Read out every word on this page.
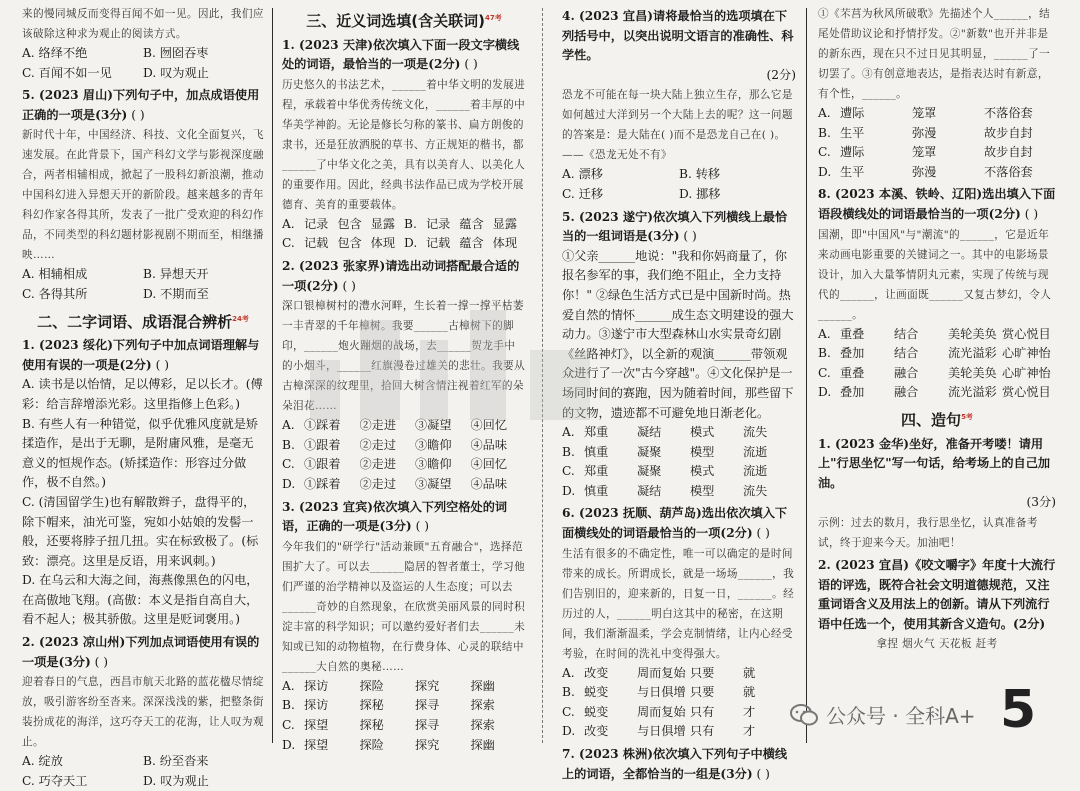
来的慢同城反而变得百闻不如一见。因此，我们应该破除这种求为观止的阅读方式。

A. 络绎不绝	B. 囫囵吞枣
C. 百闻不如一见	D. 叹为观止

5. (2023 眉山)下列句子中，加点成语使用正确的一项是(3分) ( )

新时代十年，中国经济、科技、文化全面复兴，飞速发展。在此背景下，国产科幻文学与影视深度融合，两者相辅相成，掀起了一股科幻新浪潮，推动中国科幻进入异想天开的新阶段。越来越多的青年科幻作家各得其所，发表了一批广受欢迎的科幻作品，不同类型的科幻题材影视剧不期而至，相继播映……

A. 相辅相成	B. 异想天开
C. 各得其所	D. 不期而至
二、二字词语、成语混合辨析$^{24考}$

1. (2023 绥化)下列句子中加点词语理解与使用有误的一项是(2分) ( )

A. 读书是以怡情，足以傅彩，足以长才。(傅彩：给言辞增添光彩。这里指修上色彩。)

B. 有些人有一种错觉，似乎优雅风度就是矫揉造作，是出于无聊，是附庸风雅，是毫无意义的恒规作态。(矫揉造作：形容过分做作，极不自然。)

C. (清国留学生)也有解散辫子，盘得平的，除下帽来，油光可鉴，宛如小姑娘的发髻一般，还要将脖子扭几扭。实在标致极了。(标致：漂亮。这里是反语，用来讽刺。)

D. 在乌云和大海之间，海燕像黑色的闪电，在高傲地飞翔。(高傲：本义是指自高自大，看不起人；极其骄傲。这里是贬词褒用。)

2. (2023 凉山州)下列加点词语使用有误的一项是(3分) ( )

迎着春日的气息，西昌市航天北路的蓝花楹尽情绽放，吸引游客纷至沓来。深深浅浅的紫，把整条街装扮成花的海洋，这巧夺天工的花海，让人叹为观止。

A. 绽放	B. 纷至沓来
C. 巧夺天工	D. 叹为观止
三、近义词选填(含关联词)$^{47考}$

1. (2023 天津)依次填入下面一段文字横线处的词语，最恰当的一项是(2分) ( )

历史悠久的书法艺术，______着中华文明的发展进程，承载着中华优秀传统文化，______着丰厚的中华美学神韵。无论是修长匀称的篆书、扁方朗俊的隶书，还是狂放洒脱的草书、方正规矩的楷书，都______了中华文化之美，具有以美育人、以美化人的重要作用。因此，经典书法作品已成为学校开展德育、美育的重要载体。

A. 记录 包含 显露 B. 记录 蕴含 显露
C. 记载 包含 体现 D. 记载 蕴含 体现

2. (2023 张家界)请选出动词搭配最合适的一项(2分) ( )

深口银樟树村的澧水河畔，生长着一撑一撑平枯萎一丰青翠的千年樟树。我要______古樟树下的脚印，______炮火蹦烟的战场，去______贺龙手中的小烟斗，______红旗漫卷过雄关的悲壮。我要从古樟深深的纹理里，拾回大树含情注视着红军的朵朵泪花……

A. ①踩着	②走进	③凝望	④回忆
B. ①跟着	②走过	③瞻仰	④品味
C. ①跟着	②走进	③瞻仰	④回忆
D. ①踩着	②走过	③凝望	④品味

3. (2023 宜宾)依次填入下列空格处的词语，正确的一项是(3分) ( )

今年我们的"研学行"活动兼顾"五育融合"，选择范围扩大了。可以去______隐居的智者董士，学习他们严谨的治学精神以及盗运的人生态度；可以去______奇妙的自然现象，在欣赏美丽风景的同时积淀丰富的科学知识；可以邀约爱好者们去______未知或已知的动物植物，在行费身体、心灵的联结中______大自然的奥秘……

A. 探访	探险	探究	探幽
B. 探访	探秘	探寻	探索
C. 探望	探秘	探寻	探索
D. 探望	探险	探究	探幽

4. (2023 宜昌)请将最恰当的选项填在下列括号中，以突出说明文语言的准确性、科学性。

(2分)

恐龙不可能在每一块大陆上独立生存，那么它是如何越过大洋到另一个大陆上去的呢？这一问题的答案是：是大陆在( )而不是恐龙自己在( )。——《恐龙无处不有》

A. 漂移	B. 转移
C. 迁移	D. 挪移

5. (2023 遂宁)依次填入下列横线上最恰当的一组词语是(3分) ( )

①父亲______地说："我和你妈商量了，你报名参军的事，我们绝不阻止，全力支持你！" ②绿色生活方式已是中国新时尚。热爱自然的情怀______成生态文明建设的强大动力。③遂宁市大型森林山水实景奇幻剧《丝路神灯》，以全新的观演______带领观众进行了一次"古今穿越"。④文化保护是一场同时间的赛跑，因为随着时间，那些留下的文物，遗迹都不可避免地日渐老化。

A. 郑重	凝结	模式	流失
B. 慎重	凝聚	模型	流逝
C. 郑重	凝聚	模式	流逝
D. 慎重	凝结	模型	流失

6. (2023 抚顺、葫芦岛)选出依次填入下面横线处的词语最恰当的一项(2分) ( )

生活有很多的不确定性，唯一可以确定的是时间带来的成长。所谓成长，就是一场场______，我们告别旧的，迎来新的，日复一日，______。经历过的人，______明白这其中的秘密，在这期间，我们渐渐温柔，学会克制情绪，让内心经受考验，在时间的洗礼中变得强大。

A. 改变	周而复始 只要	就
B. 蜕变	与日俱增 只要	就
C. 蜕变	周而复始 只有	才
D. 改变	与日俱增 只有	才

7. (2023 株洲)依次填入下列句子中横线上的词语，全都恰当的一组是(3分) ( )

①《芣莒为秋风所破歌》先描述个人______，结尾处借助议论和抒情抒发。②"新数"也开并非是的新东西，现在只不过日见其明显，______了一切罢了。③有创意地表达，是指表达时有新意，有个性，______。

A. 遭际	笼罩	不落俗套
B. 生平	弥漫	故步自封
C. 遭际	笼罩	故步自封
D. 生平	弥漫	不落俗套

8. (2023 本溪、铁岭、辽阳)选出填入下面语段横线处的词语最恰当的一项(2分) ( )

国潮，即"中国风"与"潮流"的______，它是近年来动画电影重要的关键词之一。其中的电影场景设计，加入大量筝情阴丸元素，实现了传统与现代的______，让画面既______又复古梦幻，令人______。

A. 重叠	结合	美轮美奂 赏心悦目
B. 叠加	结合	流光溢彩 心旷神怡
C. 重叠	融合	美轮美奂 心旷神怡
D. 叠加	融合	流光溢彩 赏心悦目
四、造句$^{5考}$

1. (2023 金华)坐好，准备开考喽！请用上"行思坐忆"写一句话，给考场上的自己加油。

(3分)

示例：过去的数月，我行思坐忆，认真准备考试，终于迎来今天。加油吧！

2. (2023 宜昌)《咬文嚼字》年度十大流行语的评选，既符合社会文明道德规范，又注重词语含义及用法上的创新。请从下列流行语中任选一个，使用其新含义造句。(2分)

拿捏 烟火气 天花板 赶考

公众号 · 全科A+ 5
